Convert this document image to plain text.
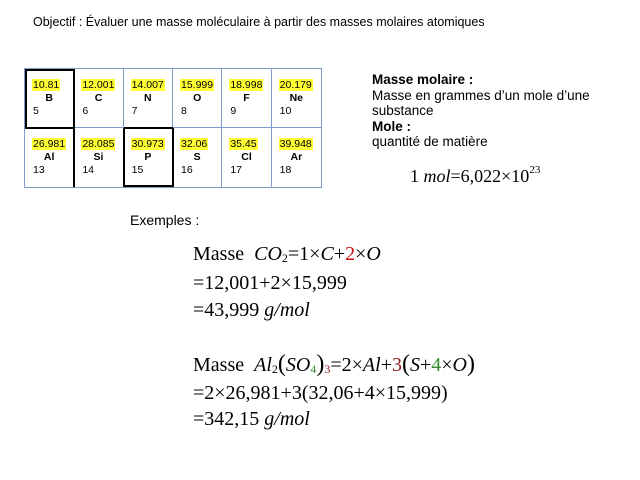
Objectif : Évaluer une masse moléculaire à partir des masses molaires atomiques
10.81
B
5
12.001
C
6
14.007
N
7
15.999
O
8
18.998
F
9
20.179
Ne
10
26.981
Al
13
28.085
Si
14
30.973
P
15
32.06
S
16
35.45
Cl
17
39.948
Ar
18
Masse molaire :
Masse en grammes d’un mole d’une substance
Mole :
quantité de matière
1 $mol=6,022\times 10^{23}$
Exemples :
Masse $CO_2=1\times C+2\times O$
=12,001+2×15,999
=43,999 g/mol
Masse $Al_2(SO_4)_3=2\times Al+3(S+4\times O)$
=2×26,981+3(32,06+4×15,999)
=342,15 g/mol
